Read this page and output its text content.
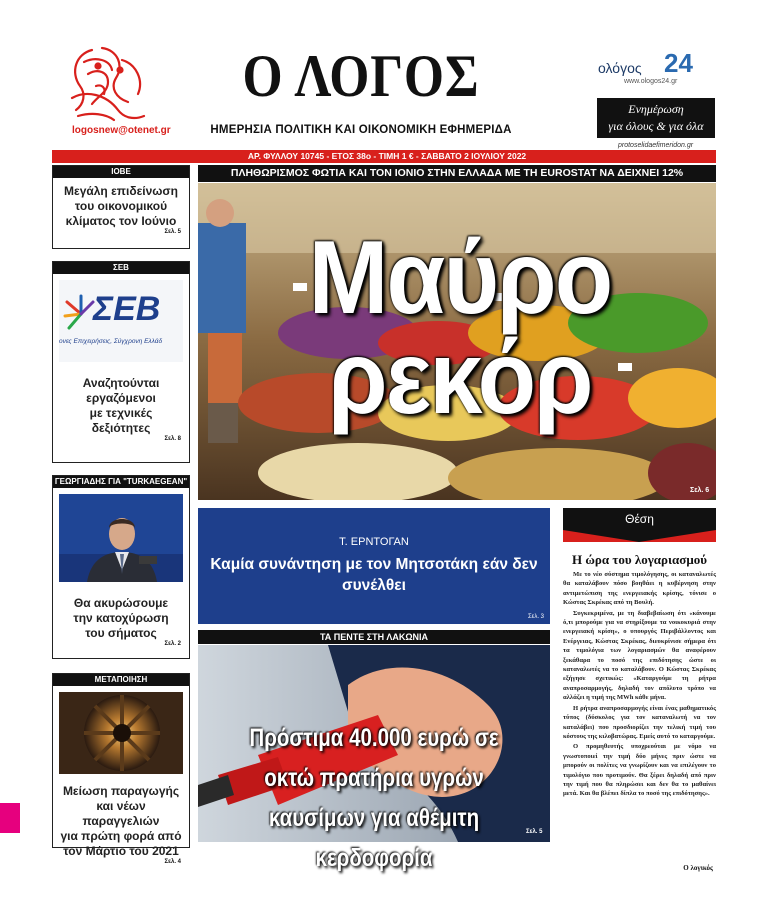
logosnew@otenet.gr
Ο ΛΟΓΟΣ
ΗΜΕΡΗΣΙΑ ΠΟΛΙΤΙΚΗ ΚΑΙ ΟΙΚΟΝΟΜΙΚΗ ΕΦΗΜΕΡΙΔΑ
ολόγος 24
www.ologos24.gr
Ενημέρωση
για όλους & για όλα
protoselidaefimeridon.gr
ΑΡ. ΦΥΛΛΟΥ 10745 - ΕΤΟΣ 38ο - ΤΙΜΗ 1 € - ΣΑΒΒΑΤΟ 2 ΙΟΥΛΙΟΥ 2022
ΙΟΒΕ
Μεγάλη επιδείνωση
του οικονομικού
κλίματος τον Ιούνιο
Σελ. 5
ΣΕΒ
ΣΕΒ
ονες Επιχειρήσεις, Σύγχρονη Ελλάδ
Αναζητούνται
εργαζόμενοι
με τεχνικές
δεξιότητες
Σελ. 8
ΓΕΩΡΓΙΑΔΗΣ ΓΙΑ "TURKAEGEAN"
Θα ακυρώσουμε
την κατοχύρωση
του σήματος
Σελ. 2
ΜΕΤΑΠΟΙΗΣΗ
Μείωση παραγωγής
και νέων παραγγελιών
για πρώτη φορά από
τον Μάρτιο του 2021
Σελ. 4
ΠΛΗΘΩΡΙΣΜΟΣ ΦΩΤΙΑ ΚΑΙ ΤΟΝ ΙΟΝΙΟ ΣΤΗΝ ΕΛΛΑΔΑ ΜΕ ΤΗ EUROSTAT ΝΑ ΔΕΙΧΝΕΙ 12%
Μαύρο
ρεκόρ
Σελ. 6
Τ. ΕΡΝΤΟΓΑΝ
Καμία συνάντηση με τον Μητσοτάκη εάν δεν συνέλθει
Σελ. 3
ΤΑ ΠΕΝΤΕ ΣΤΗ ΛΑΚΩΝΙΑ
Πρόστιμα 40.000 ευρώ σε οκτώ πρατήρια υγρών
καυσίμων για αθέμιτη κερδοφορία
Σελ. 5
Θέση
Η ώρα του λογαριασμού

Με το νέο σύστημα τιμολόγησης, οι καταναλωτές θα καταλάβουν πόσο βοηθάει η κυβέρνηση στην αντιμετώπιση της ενεργειακής κρίσης, τόνισε ο Κώστας Σκρέκας από τη Βουλή.

Συγκεκριμένα, με τη διαβεβαίωση ότι «κάνουμε ό,τι μπορούμε για να στηρίξουμε τα νοικοκυριά στην ενεργειακή κρίση», ο υπουργός Περιβάλλοντος και Ενέργειας, Κώστας Σκρέκας, διευκρίνισε σήμερα ότι τα τιμολόγια των λογαριασμών θα αναφέρουν ξεκάθαρα το ποσό της επιδότησης ώστε οι καταναλωτές να το καταλάβουν. Ο Κώστας Σκρέκας εξήγησε σχετικώς: «Καταργούμε τη ρήτρα αναπροσαρμογής, δηλαδή τον απόλυτο τρόπο να αλλάζει η τιμή της MWh κάθε μήνα.

Η ρήτρα αναπροσαρμογής είναι ένας μαθηματικός τύπος (δύσκολος για τον καταναλωτή να τον καταλάβει) που προσδιορίζει την τελική τιμή του κόστους της κιλοβατώρας. Εμείς αυτό το καταργούμε.

Ο προμηθευτής υποχρεούται με νόμο να γνωστοποιεί την τιμή δύο μήνες πριν ώστε να μπορούν οι πολίτες να γνωρίζουν και να επιλέγουν το τιμολόγιο που προτιμούν. Θα ξέρει δηλαδή από πριν την τιμή που θα πληρώσει και δεν θα το μαθαίνει μετά. Και θα βλέπει δίπλα το ποσό της επιδότησης».

Ο λογικός
